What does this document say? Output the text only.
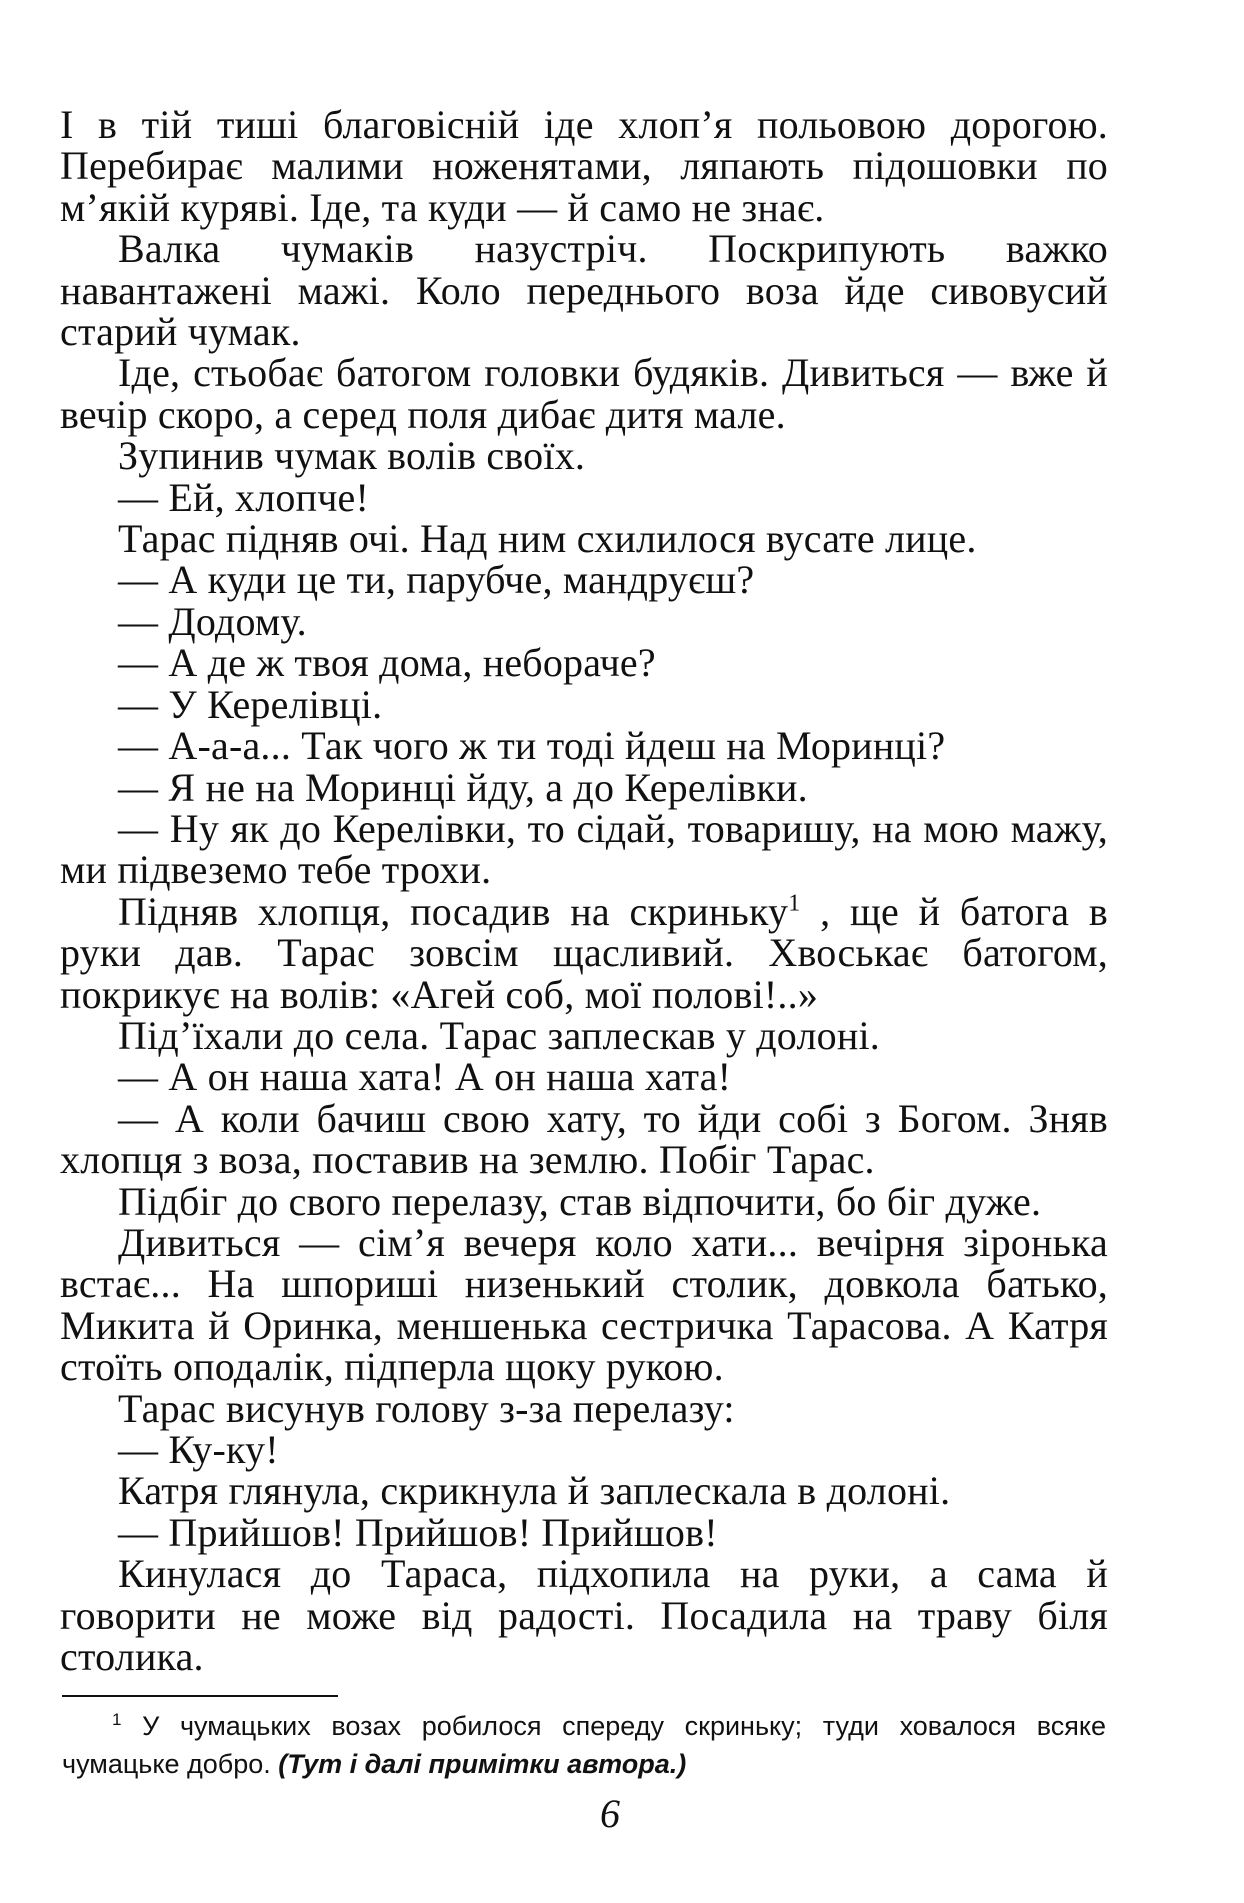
І в тій тиші благовісній іде хлоп’я польовою дорогою. Перебирає малими ноженятами, ляпають підошовки по м’якій куряві. Іде, та куди — й само не знає.

Валка чумаків назустріч. Поскрипують важко навантажені мажі. Коло переднього воза йде сивовусий старий чумак.

Іде, стьобає батогом головки будяків. Дивиться — вже й вечір скоро, а серед поля дибає дитя мале.

Зупинив чумак волів своїх.

— Ей, хлопче!

Тарас підняв очі. Над ним схилилося вусате лице.

— А куди це ти, парубче, мандруєш?

— Додому.

— А де ж твоя дома, небораче?

— У Керелівці.

— А-а-а... Так чого ж ти тоді йдеш на Моринці?

— Я не на Моринці йду, а до Керелівки.

— Ну як до Керелівки, то сідай, товаришу, на мою мажу, ми підвеземо тебе трохи.

Підняв хлопця, посадив на скриньку$^1$ , ще й батога в руки дав. Тарас зовсім щасливий. Хвоськає батогом, покрикує на волів: «Агей соб, мої полові!..»

Під’їхали до села. Тарас заплескав у долоні.

— А он наша хата! А он наша хата!

— А коли бачиш свою хату, то йди собі з Богом. Зняв хлопця з воза, поставив на землю. Побіг Тарас.

Підбіг до свого перелазу, став відпочити, бо біг дуже.

Дивиться — сім’я вечеря коло хати... вечірня зіронька встає... На шпориші низенький столик, довкола батько, Микита й Оринка, меншенька сестричка Тарасова. А Катря стоїть оподалік, підперла щоку рукою.

Тарас висунув голову з-за перелазу:

— Ку-ку!

Катря глянула, скрикнула й заплескала в долоні.

— Прийшов! Прийшов! Прийшов!

Кинулася до Тараса, підхопила на руки, а сама й говорити не може від радості. Посадила на траву біля столика.

$^1$ У чумацьких возах робилося спереду скриньку; туди ховалося всяке чумацьке добро. (Тут і далі примітки автора.)
6
